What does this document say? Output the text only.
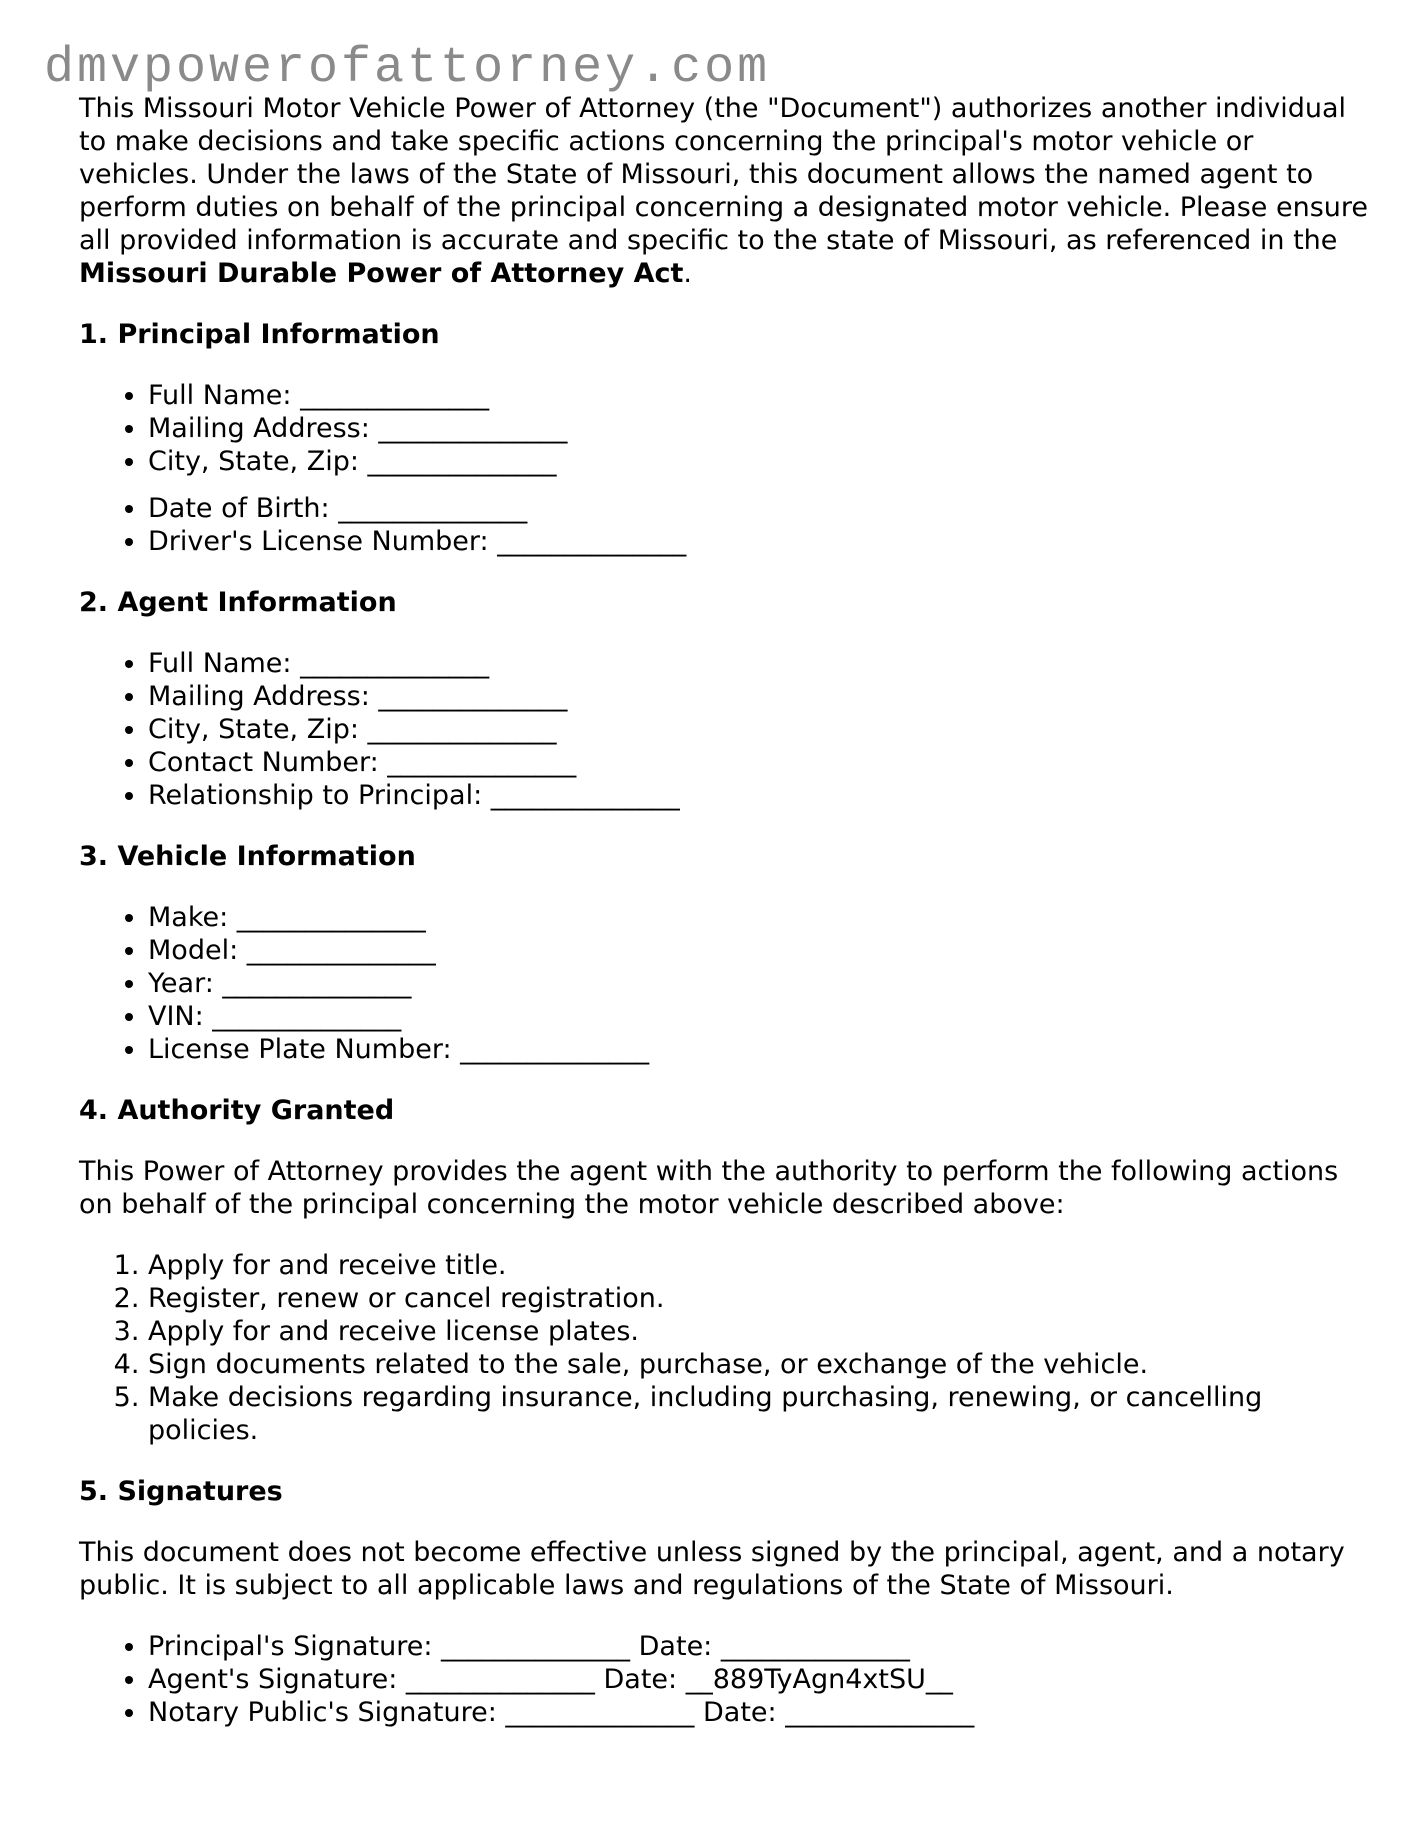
dmvpowerofattorney.com

This Missouri Motor Vehicle Power of Attorney (the "Document") authorizes another individual to make decisions and take specific actions concerning the principal's motor vehicle or vehicles. Under the laws of the State of Missouri, this document allows the named agent to perform duties on behalf of the principal concerning a designated motor vehicle. Please ensure all provided information is accurate and specific to the state of Missouri, as referenced in the Missouri Durable Power of Attorney Act.

1. Principal Information
• Full Name: ______________
• Mailing Address: ______________
• City, State, Zip: ______________
• Date of Birth: ______________
• Driver's License Number: ______________
2. Agent Information
• Full Name: ______________
• Mailing Address: ______________
• City, State, Zip: ______________
• Contact Number: ______________
• Relationship to Principal: ______________
3. Vehicle Information
• Make: ______________
• Model: ______________
• Year: ______________
• VIN: ______________
• License Plate Number: ______________
4. Authority Granted

This Power of Attorney provides the agent with the authority to perform the following actions on behalf of the principal concerning the motor vehicle described above:

1. Apply for and receive title.
2. Register, renew or cancel registration.
3. Apply for and receive license plates.
4. Sign documents related to the sale, purchase, or exchange of the vehicle.
5. Make decisions regarding insurance, including purchasing, renewing, or cancelling policies.
5. Signatures

This document does not become effective unless signed by the principal, agent, and a notary public. It is subject to all applicable laws and regulations of the State of Missouri.

• Principal's Signature: ______________ Date: ______________
• Agent's Signature: ______________ Date: __889TyAgn4xtSU__
• Notary Public's Signature: ______________ Date: ______________
